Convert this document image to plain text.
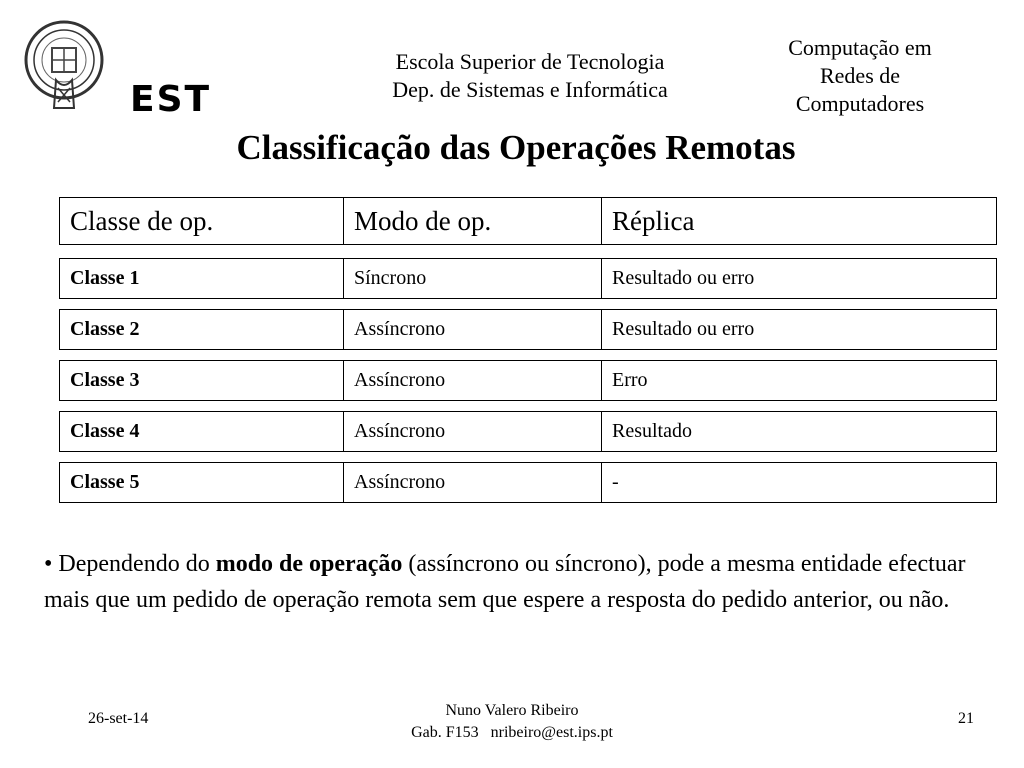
EST
Escola Superior de Tecnologia
Dep. de Sistemas e Informática
Computação em
Redes de
Computadores
Classificação das Operações Remotas
Classe de op.	Modo de op.	Réplica
Classe 1	Síncrono	Resultado ou erro
Classe 2	Assíncrono	Resultado ou erro
Classe 3	Assíncrono	Erro
Classe 4	Assíncrono	Resultado
Classe 5	Assíncrono	-
• Dependendo do modo de operação (assíncrono ou síncrono), pode a mesma entidade efectuar mais que um pedido de operação remota sem que espere a resposta do pedido anterior, ou não.
26-set-14	Nuno Valero Ribeiro
Gab. F153 nribeiro@est.ips.pt
21
